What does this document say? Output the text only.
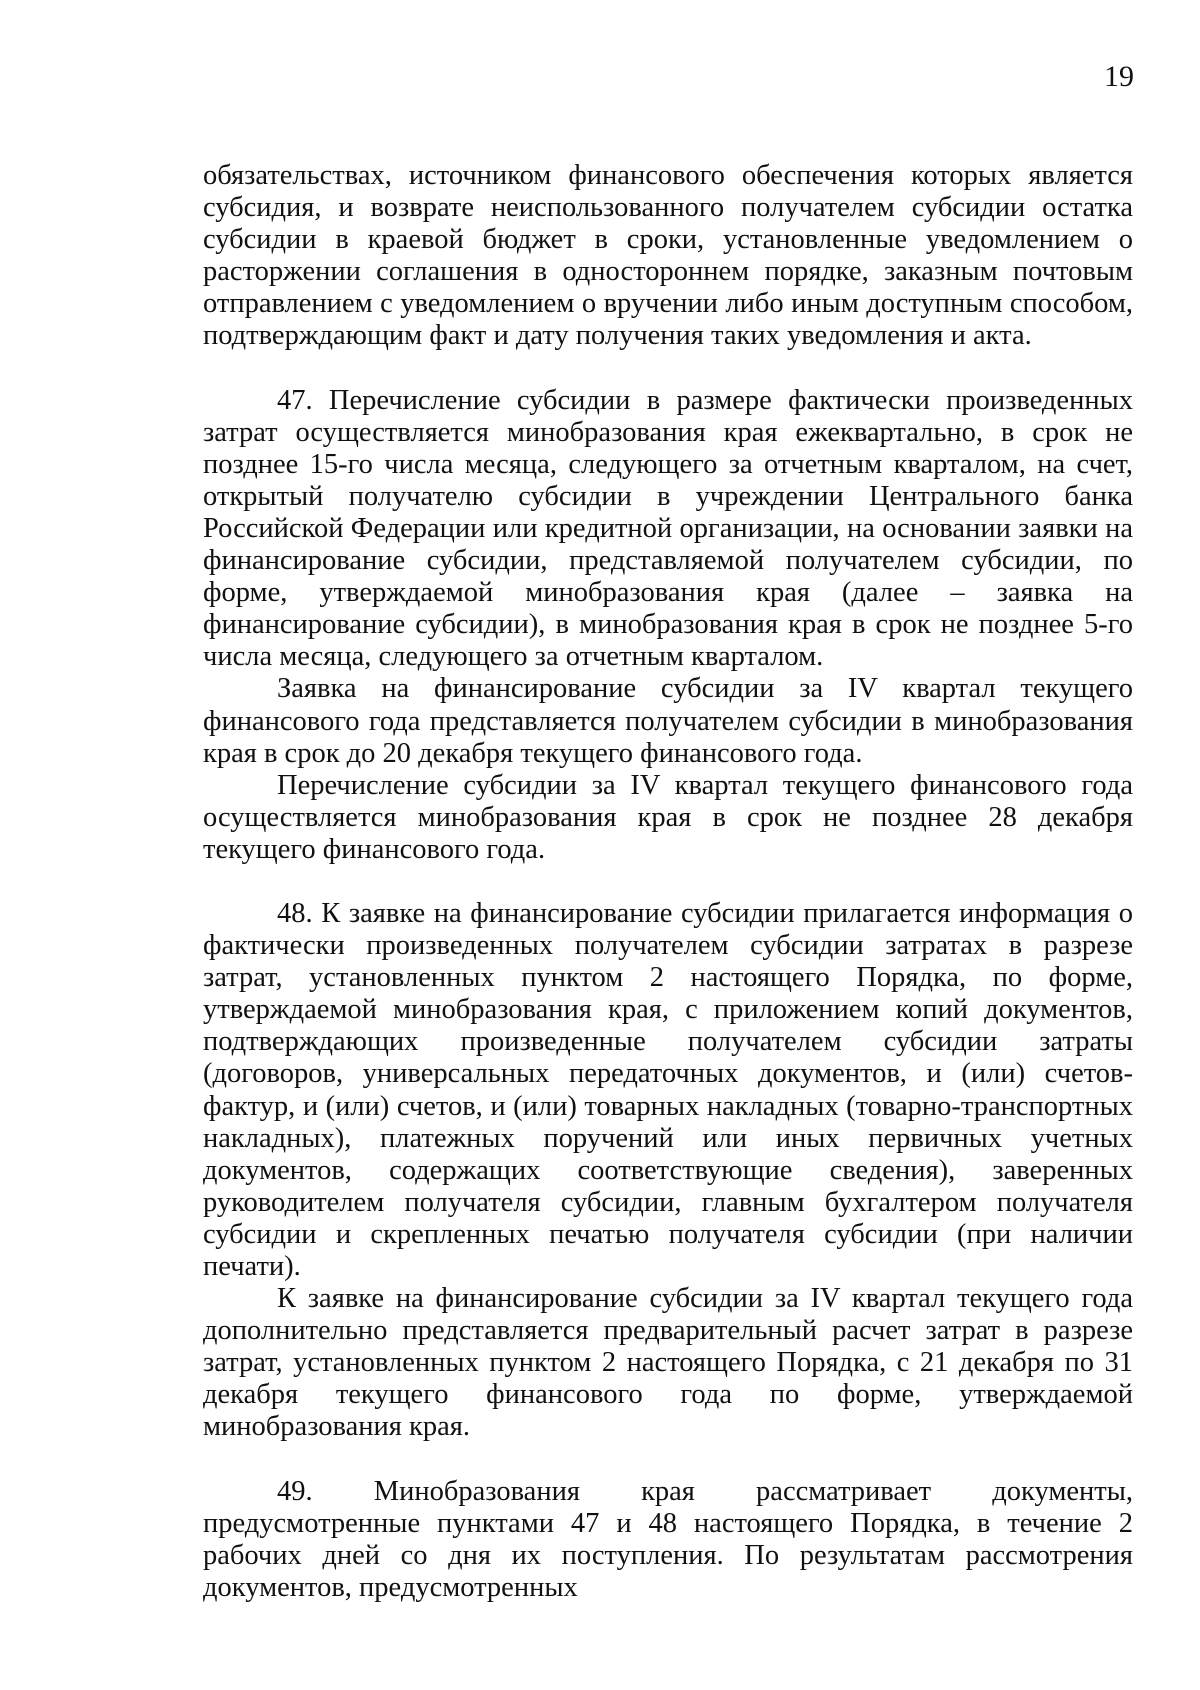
19

обязательствах, источником финансового обеспечения которых является субсидия, и возврате неиспользованного получателем субсидии остатка субсидии в краевой бюджет в сроки, установленные уведомлением о расторжении соглашения в одностороннем порядке, заказным почтовым отправлением с уведомлением о вручении либо иным доступным способом, подтверждающим факт и дату получения таких уведомления и акта.

47. Перечисление субсидии в размере фактически произведенных затрат осуществляется минобразования края ежеквартально, в срок не позднее 15-го числа месяца, следующего за отчетным кварталом, на счет, открытый получателю субсидии в учреждении Центрального банка Российской Федерации или кредитной организации, на основании заявки на финансирование субсидии, представляемой получателем субсидии, по форме, утверждаемой минобразования края (далее – заявка на финансирование субсидии), в минобразования края в срок не позднее 5-го числа месяца, следующего за отчетным кварталом.

Заявка на финансирование субсидии за IV квартал текущего финансового года представляется получателем субсидии в минобразования края в срок до 20 декабря текущего финансового года.

Перечисление субсидии за IV квартал текущего финансового года осуществляется минобразования края в срок не позднее 28 декабря текущего финансового года.

48. К заявке на финансирование субсидии прилагается информация о фактически произведенных получателем субсидии затратах в разрезе затрат, установленных пунктом 2 настоящего Порядка, по форме, утверждаемой минобразования края, с приложением копий документов, подтверждающих произведенные получателем субсидии затраты (договоров, универсальных передаточных документов, и (или) счетов-фактур, и (или) счетов, и (или) товарных накладных (товарно-транспортных накладных), платежных поручений или иных первичных учетных документов, содержащих соответствующие сведения), заверенных руководителем получателя субсидии, главным бухгалтером получателя субсидии и скрепленных печатью получателя субсидии (при наличии печати).

К заявке на финансирование субсидии за IV квартал текущего года дополнительно представляется предварительный расчет затрат в разрезе затрат, установленных пунктом 2 настоящего Порядка, с 21 декабря по 31 декабря текущего финансового года по форме, утверждаемой минобразования края.

49. Минобразования края рассматривает документы, предусмотренные пунктами 47 и 48 настоящего Порядка, в течение 2 рабочих дней со дня их поступления. По результатам рассмотрения документов, предусмотренных
